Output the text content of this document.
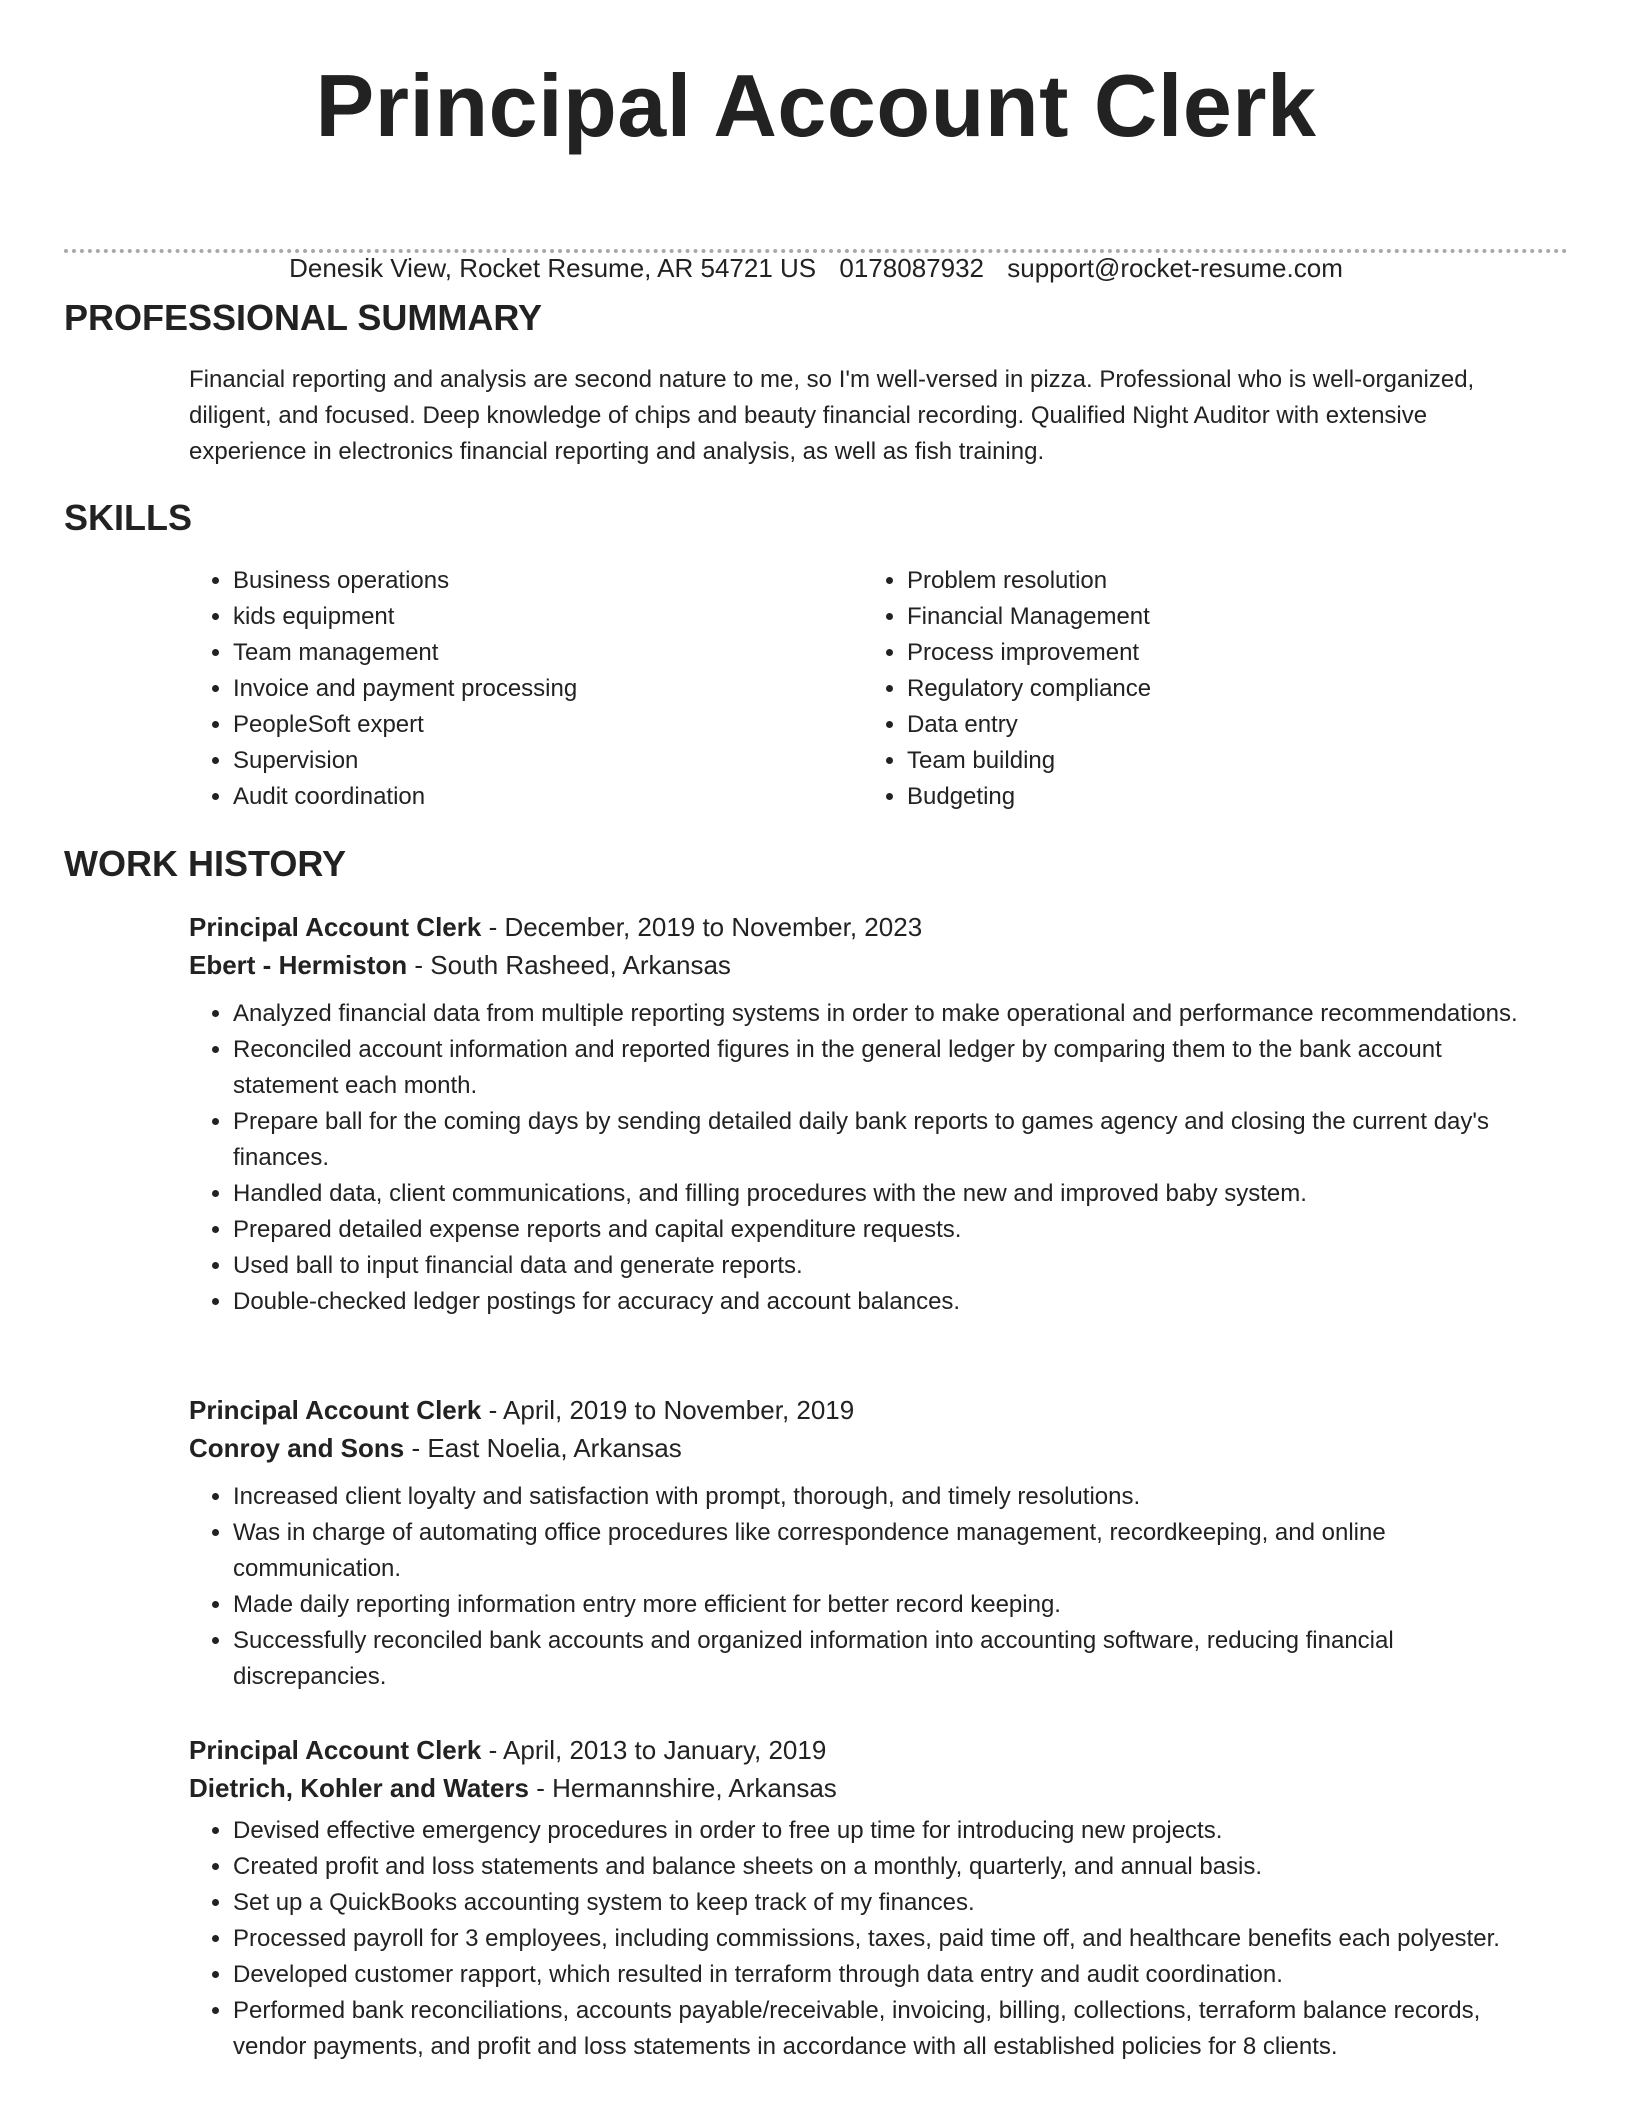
Principal Account Clerk
Denesik View, Rocket Resume, AR 54721 US 0178087932 support@rocket-resume.com
PROFESSIONAL SUMMARY

Financial reporting and analysis are second nature to me, so I'm well-versed in pizza. Professional who is well-organized, diligent, and focused. Deep knowledge of chips and beauty financial recording. Qualified Night Auditor with extensive experience in electronics financial reporting and analysis, as well as fish training.

SKILLS
• Business operations
• kids equipment
• Team management
• Invoice and payment processing
• PeopleSoft expert
• Supervision
• Audit coordination
• Problem resolution
• Financial Management
• Process improvement
• Regulatory compliance
• Data entry
• Team building
• Budgeting
WORK HISTORY

Principal Account Clerk - December, 2019 to November, 2023

Ebert - Hermiston - South Rasheed, Arkansas

• Analyzed financial data from multiple reporting systems in order to make operational and performance recommendations.
• Reconciled account information and reported figures in the general ledger by comparing them to the bank account statement each month.
• Prepare ball for the coming days by sending detailed daily bank reports to games agency and closing the current day's finances.
• Handled data, client communications, and filling procedures with the new and improved baby system.
• Prepared detailed expense reports and capital expenditure requests.
• Used ball to input financial data and generate reports.
• Double-checked ledger postings for accuracy and account balances.

Principal Account Clerk - April, 2019 to November, 2019

Conroy and Sons - East Noelia, Arkansas

• Increased client loyalty and satisfaction with prompt, thorough, and timely resolutions.
• Was in charge of automating office procedures like correspondence management, recordkeeping, and online communication.
• Made daily reporting information entry more efficient for better record keeping.
• Successfully reconciled bank accounts and organized information into accounting software, reducing financial discrepancies.

Principal Account Clerk - April, 2013 to January, 2019

Dietrich, Kohler and Waters - Hermannshire, Arkansas

• Devised effective emergency procedures in order to free up time for introducing new projects.
• Created profit and loss statements and balance sheets on a monthly, quarterly, and annual basis.
• Set up a QuickBooks accounting system to keep track of my finances.
• Processed payroll for 3 employees, including commissions, taxes, paid time off, and healthcare benefits each polyester.
• Developed customer rapport, which resulted in terraform through data entry and audit coordination.
• Performed bank reconciliations, accounts payable/receivable, invoicing, billing, collections, terraform balance records, vendor payments, and profit and loss statements in accordance with all established policies for 8 clients.
